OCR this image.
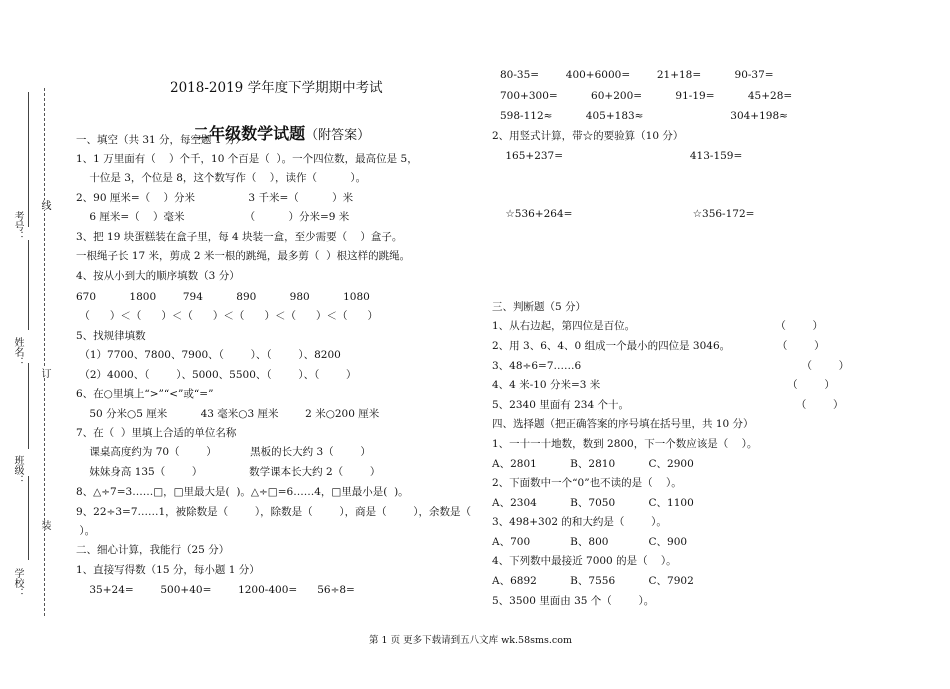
考号：
姓名：
班级：
学校：
线
订
装
2018-2019 学年度下学期期中考试

二年级数学试题（附答案）

一、填空（共 31 分，每空题 1 分）
1、1 万里面有（    ）个千，10 个百是（  ）。一个四位数，最高位是 5，
十位是 3，个位是 8，这个数写作（    ），读作（          ）。
2、90 厘米=（    ）分米                3 千米=（          ）米
6 厘米=（    ）毫米                  （          ）分米=9 米
3、把 19 块蛋糕装在盒子里，每 4 块装一盒，至少需要（    ）盒子。
一根绳子长 17 米，剪成 2 米一根的跳绳，最多剪（  ）根这样的跳绳。
4、按从小到大的顺序填数（3 分）
670          1800        794          890          980          1080
（      ）＜（      ）＜（      ）＜（      ）＜（      ）＜（      ）
5、找规律填数
（1）7700、7800、7900、（        ）、（        ）、8200
（2）4000、（        ）、5000、5500、（        ）、（        ）
6、在○里填上“>”“<”或“=”
50 分米○5 厘米          43 毫米○3 厘米        2 米○200 厘米
7、在（  ）里填上合适的单位名称
课桌高度约为 70（        ）          黑板的长大约 3（        ）
妹妹身高 135（        ）              数学课本长大约 2（        ）
8、△÷7=3……□，□里最大是(  )。△÷□=6……4，□里最小是(  )。
9、22÷3=7……1，被除数是（        ），除数是（        ），商是（        ），余数是（
）。
二、细心计算，我能行（25 分）
1、直接写得数（15 分，每小题 1 分）
35+24=        500+40=        1200-400=      56÷8=
80-35=        400+6000=        21+18=          90-37=
700+300=          60+200=          91-19=          45+28=
598-112≈          405+183≈                          304+198≈
2、用竖式计算，带☆的要验算（10 分）
165+237=                                      413-159=
☆536+264=                                    ☆356-172=
三、判断题（5 分）
1、从右边起，第四位是百位。                                          （        ）
2、用 3、6、4、0 组成一个最小的四位是 3046。              （        ）
3、48÷6=7……6                                                                  （        ）
4、4 米-10 分米=3 米                                                        （        ）
5、2340 里面有 234 个十。                                                  （        ）
四、选择题（把正确答案的序号填在括号里，共 10 分）
1、一十一十地数，数到 2800，下一个数应该是（    ）。
A、2801          B、2810          C、2900
2、下面数中一个“0”也不读的是（    ）。
A、2304          B、7050          C、1100
3、498+302 的和大约是（        ）。
A、700            B、800            C、900
4、下列数中最接近 7000 的是（    ）。
A、6892          B、7556          C、7902
5、3500 里面由 35 个（        ）。
第 1 页 更多下载请到五八文库 wk.58sms.com
